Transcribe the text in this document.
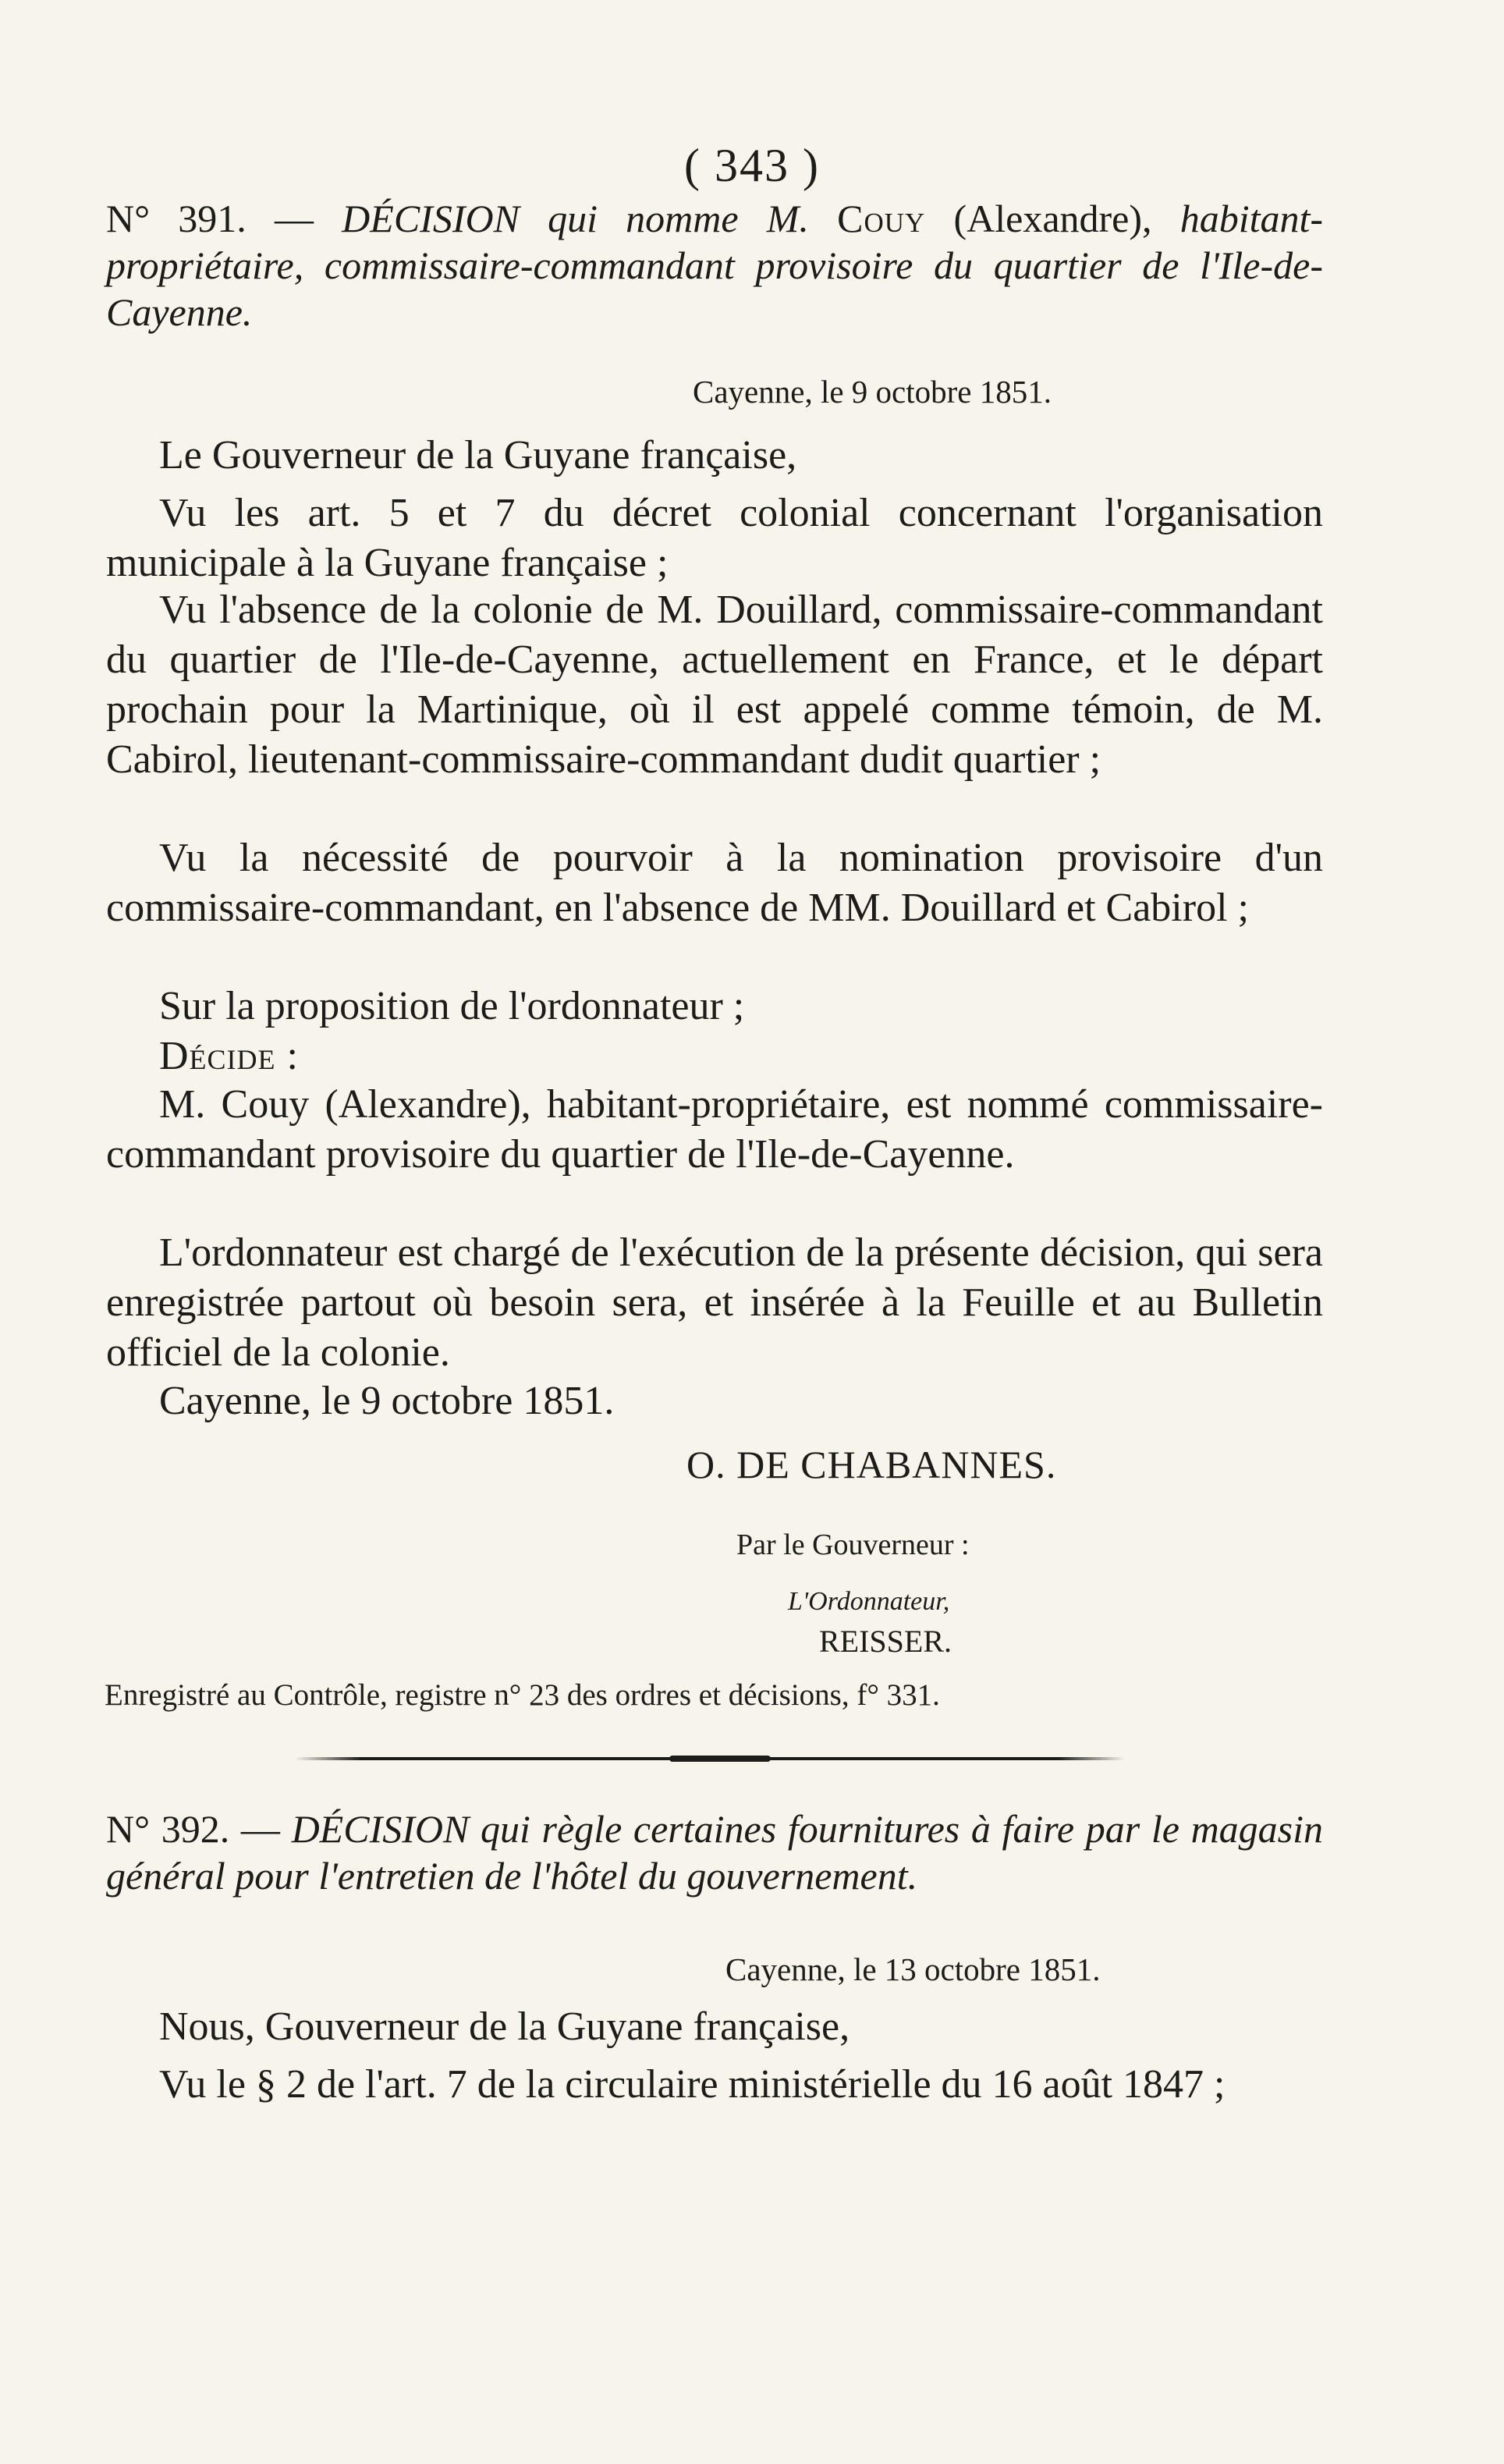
( 343 )
N° 391. — DÉCISION qui nomme M. Couy (Alexandre), habitant-propriétaire, commissaire-commandant provisoire du quartier de l'Ile-de-Cayenne.
Cayenne, le 9 octobre 1851.
Le Gouverneur de la Guyane française,
Vu les art. 5 et 7 du décret colonial concernant l'organisation municipale à la Guyane française ;
Vu l'absence de la colonie de M. Douillard, commissaire-commandant du quartier de l'Ile-de-Cayenne, actuellement en France, et le départ prochain pour la Martinique, où il est appelé comme témoin, de M. Cabirol, lieutenant-commissaire-commandant dudit quartier ;
Vu la nécessité de pourvoir à la nomination provisoire d'un commissaire-commandant, en l'absence de MM. Douillard et Cabirol ;
Sur la proposition de l'ordonnateur ;
Décide :
M. Couy (Alexandre), habitant-propriétaire, est nommé commissaire-commandant provisoire du quartier de l'Ile-de-Cayenne.
L'ordonnateur est chargé de l'exécution de la présente décision, qui sera enregistrée partout où besoin sera, et insérée à la Feuille et au Bulletin officiel de la colonie.
Cayenne, le 9 octobre 1851.
O. DE CHABANNES.
Par le Gouverneur :
L'Ordonnateur,
REISSER.
Enregistré au Contrôle, registre n° 23 des ordres et décisions, f° 331.
N° 392. — DÉCISION qui règle certaines fournitures à faire par le magasin général pour l'entretien de l'hôtel du gouvernement.
Cayenne, le 13 octobre 1851.
Nous, Gouverneur de la Guyane française,
Vu le § 2 de l'art. 7 de la circulaire ministérielle du 16 août 1847 ;
